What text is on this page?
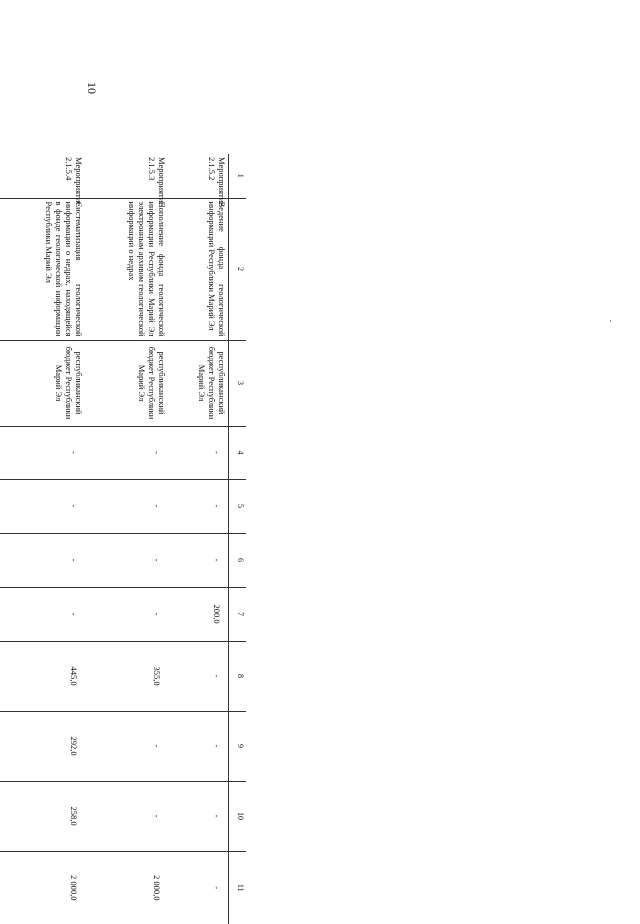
10
1	2	3	4	5	6	7	8	9	10	11
Мероприятие 2.1.5.2	Ведение фонда геологической информации Республики Марий Эл	республиканский бюджет Республики Марий Эл	-	-	-	200,0	-	-	-	-
Мероприятие 2.1.5.3	Пополнение фонда геологической информации Республики Марий Эл электронным архивом геологической информации о недрах	республиканский бюджет Республики Марий Эл	-	-	-	-	355,0	-	-	2 000,0
Мероприятие 2.1.5.4	Систематизация геологической информации о недрах, находящейся в фонде геологической информации Республики Марий Эл	республиканский бюджет Республики Марий Эл	-	-	-	-	445,0	292,0	258,0	2 000,0
